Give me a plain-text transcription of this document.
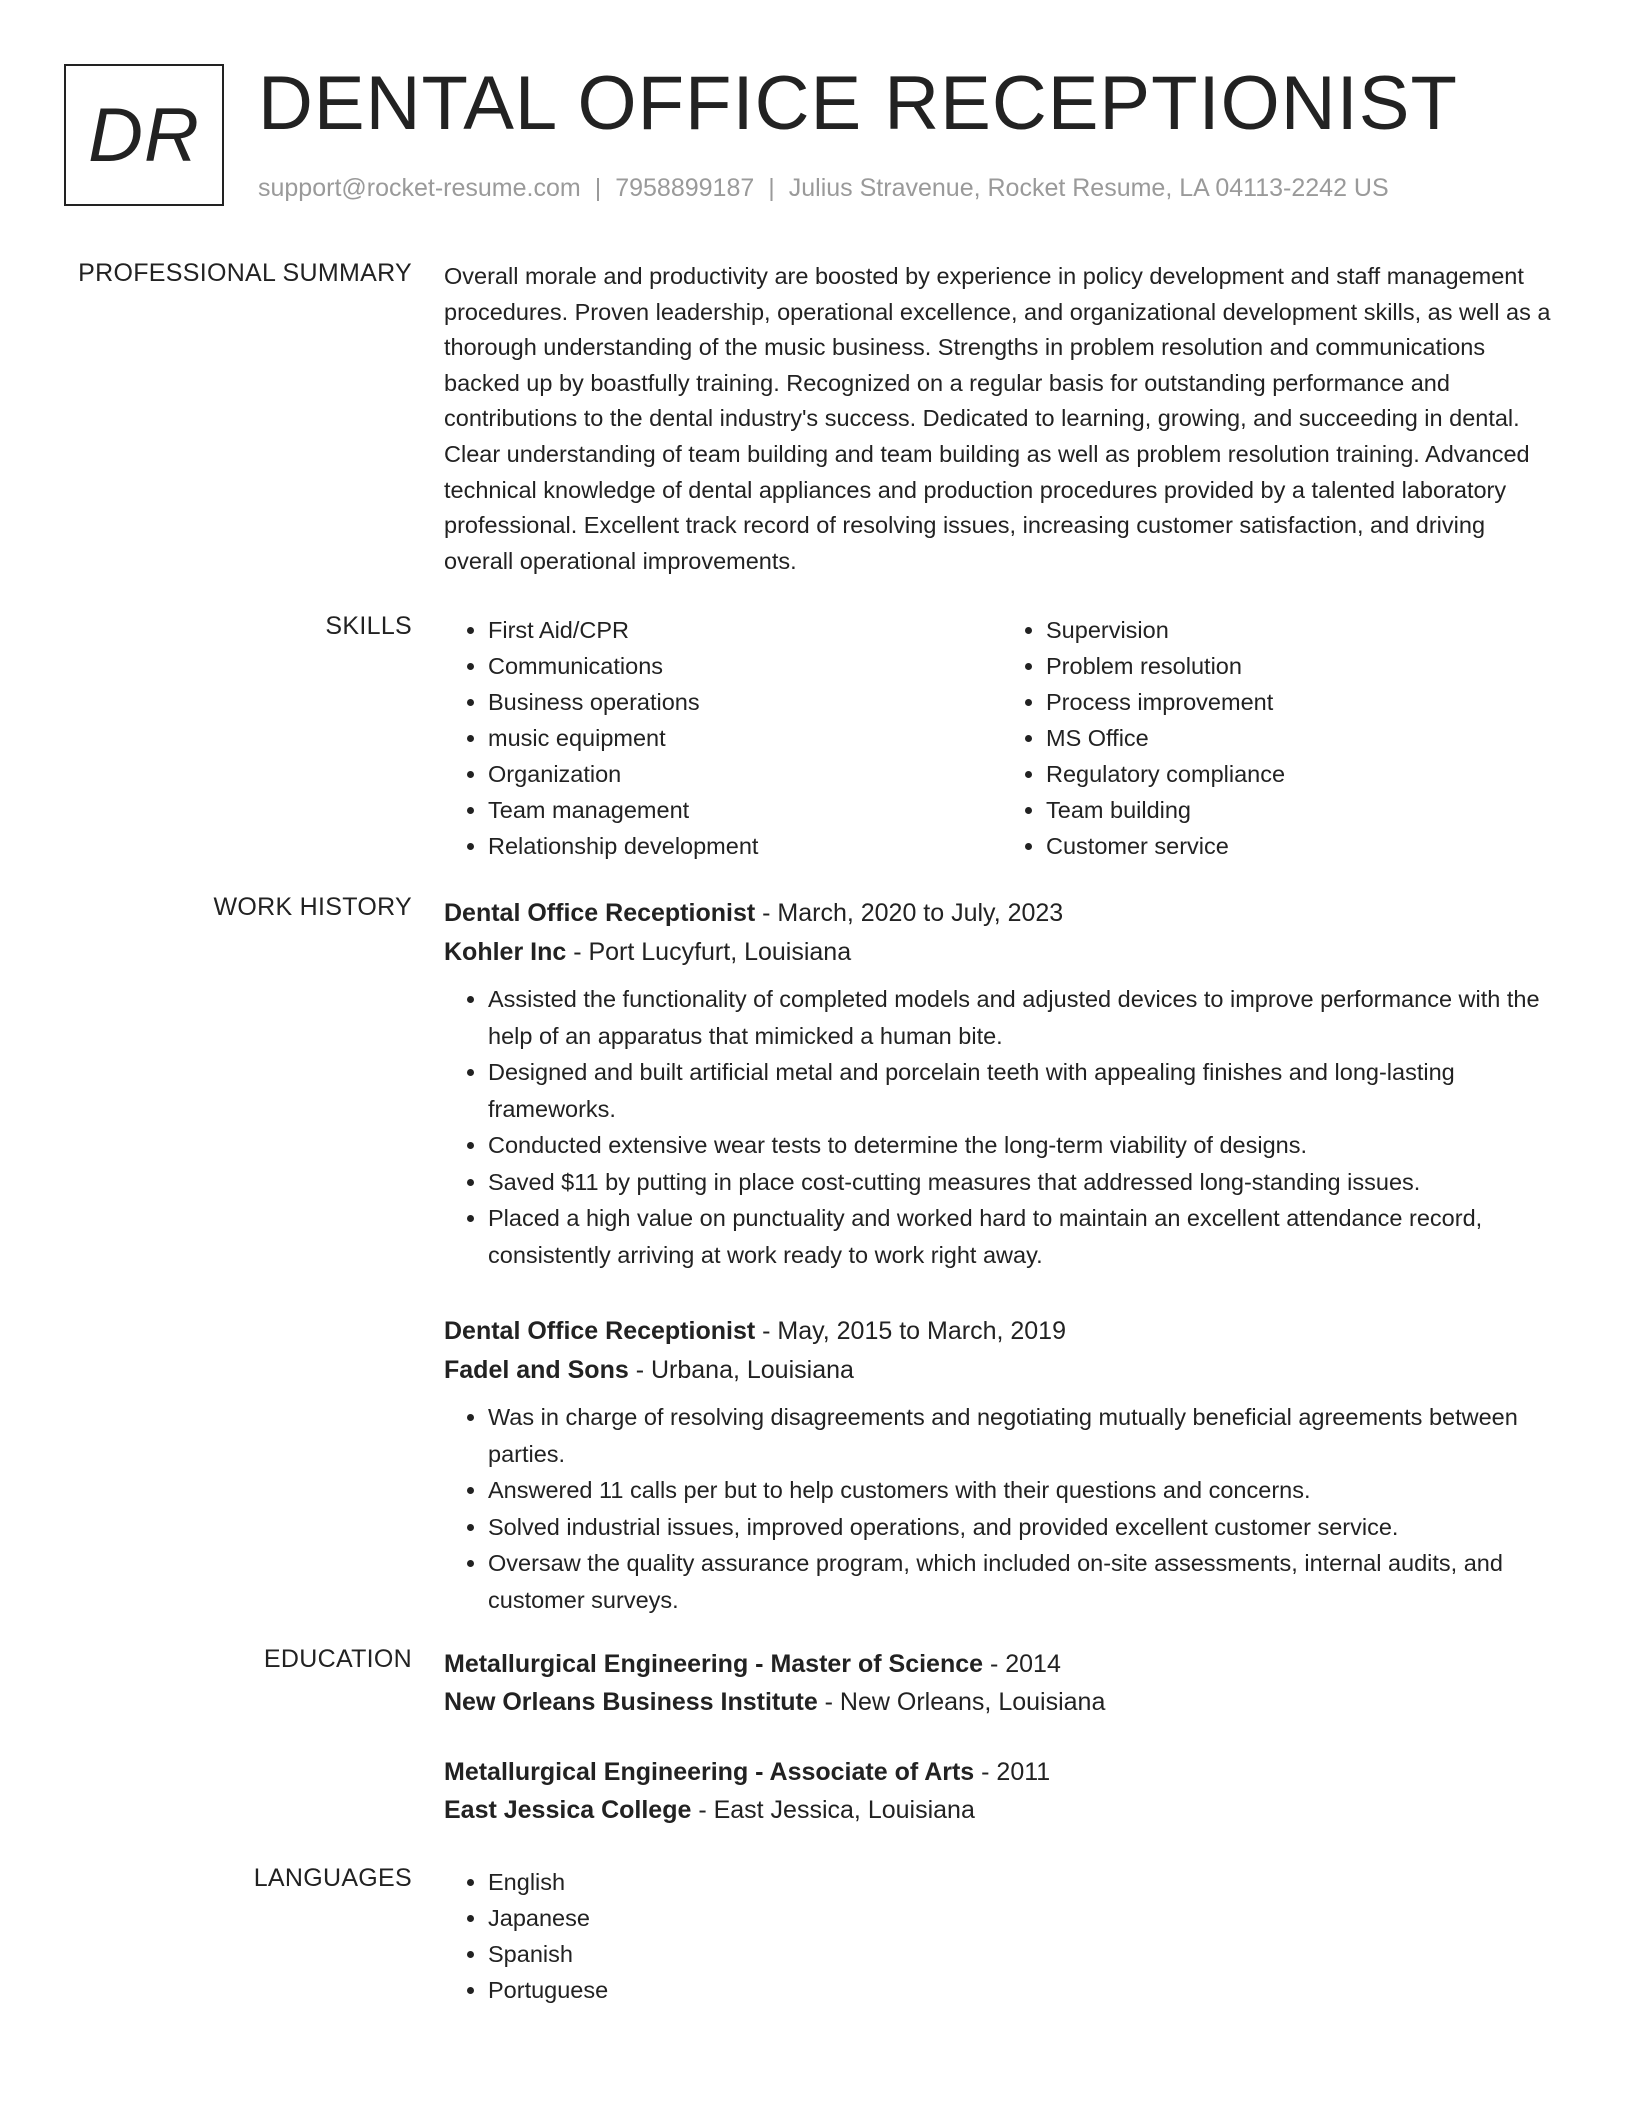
DR DENTAL OFFICE RECEPTIONIST
support@rocket-resume.com | 7958899187 | Julius Stravenue, Rocket Resume, LA 04113-2242 US
PROFESSIONAL SUMMARY Overall morale and productivity are boosted by experience in policy development and staff management procedures. Proven leadership, operational excellence, and organizational development skills, as well as a thorough understanding of the music business. Strengths in problem resolution and communications backed up by boastfully training. Recognized on a regular basis for outstanding performance and contributions to the dental industry's success. Dedicated to learning, growing, and succeeding in dental. Clear understanding of team building and team building as well as problem resolution training. Advanced technical knowledge of dental appliances and production procedures provided by a talented laboratory professional. Excellent track record of resolving issues, increasing customer satisfaction, and driving overall operational improvements.

SKILLS	• First Aid/CPR
• Communications
• Business operations
• music equipment
• Organization
• Team management
• Relationship development
• Supervision
• Problem resolution
• Process improvement
• MS Office
• Regulatory compliance
• Team building
• Customer service
WORK HISTORY Dental Office Receptionist - March, 2020 to July, 2023
Kohler Inc - Port Lucyfurt, Louisiana
• Assisted the functionality of completed models and adjusted devices to improve performance with the help of an apparatus that mimicked a human bite.
• Designed and built artificial metal and porcelain teeth with appealing finishes and long-lasting frameworks.
• Conducted extensive wear tests to determine the long-term viability of designs.
• Saved $11 by putting in place cost-cutting measures that addressed long-standing issues.
• Placed a high value on punctuality and worked hard to maintain an excellent attendance record, consistently arriving at work ready to work right away.
Dental Office Receptionist - May, 2015 to March, 2019
Fadel and Sons - Urbana, Louisiana
• Was in charge of resolving disagreements and negotiating mutually beneficial agreements between parties.
• Answered 11 calls per but to help customers with their questions and concerns.
• Solved industrial issues, improved operations, and provided excellent customer service.
• Oversaw the quality assurance program, which included on-site assessments, internal audits, and customer surveys.
EDUCATION Metallurgical Engineering - Master of Science - 2014
New Orleans Business Institute - New Orleans, Louisiana
Metallurgical Engineering - Associate of Arts - 2011
East Jessica College - East Jessica, Louisiana
LANGUAGES	• English
• Japanese
• Spanish
• Portuguese
